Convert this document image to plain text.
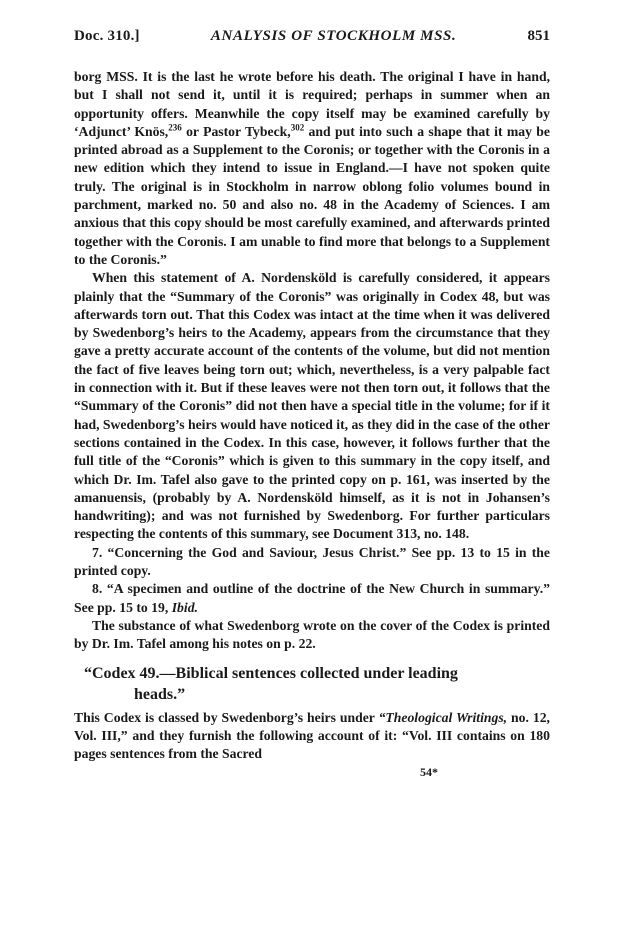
Doc. 310.]	ANALYSIS OF STOCKHOLM MSS.	851

borg MSS. It is the last he wrote before his death. The original I have in hand, but I shall not send it, until it is required; perhaps in summer when an opportunity offers. Meanwhile the copy itself may be examined carefully by ‘Adjunct’ Knös,$^{236}$ or Pastor Tybeck,$^{302}$ and put into such a shape that it may be printed abroad as a Supplement to the Coronis; or together with the Coronis in a new edition which they intend to issue in England.—I have not spoken quite truly. The original is in Stockholm in narrow oblong folio volumes bound in parchment, marked no. 50 and also no. 48 in the Academy of Sciences. I am anxious that this copy should be most carefully examined, and afterwards printed together with the Coronis. I am unable to find more that belongs to a Supplement to the Coronis.”

When this statement of A. Nordensköld is carefully considered, it appears plainly that the “Summary of the Coronis” was originally in Codex 48, but was afterwards torn out. That this Codex was intact at the time when it was delivered by Swedenborg’s heirs to the Academy, appears from the circumstance that they gave a pretty accurate account of the contents of the volume, but did not mention the fact of five leaves being torn out; which, nevertheless, is a very palpable fact in connection with it. But if these leaves were not then torn out, it follows that the “Summary of the Coronis” did not then have a special title in the volume; for if it had, Swedenborg’s heirs would have noticed it, as they did in the case of the other sections contained in the Codex. In this case, however, it follows further that the full title of the “Coronis” which is given to this summary in the copy itself, and which Dr. Im. Tafel also gave to the printed copy on p. 161, was inserted by the amanuensis, (probably by A. Nordensköld himself, as it is not in Johansen’s handwriting); and was not furnished by Swedenborg. For further particulars respecting the contents of this summary, see Document 313, no. 148.

7. “Concerning the God and Saviour, Jesus Christ.” See pp. 13 to 15 in the printed copy.

8. “A specimen and outline of the doctrine of the New Church in summary.” See pp. 15 to 19, Ibid.

The substance of what Swedenborg wrote on the cover of the Codex is printed by Dr. Im. Tafel among his notes on p. 22.

“Codex 49.—Biblical sentences collected under leading
heads.”

This Codex is classed by Swedenborg’s heirs under “Theological Writings, no. 12, Vol. III,” and they furnish the following account of it: “Vol. III contains on 180 pages sentences from the Sacred

54*
